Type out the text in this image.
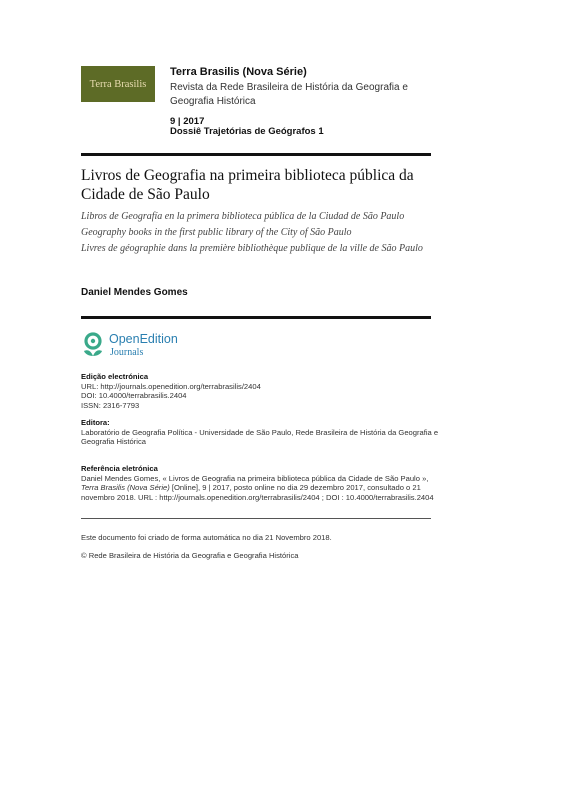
Terra Brasilis
Terra Brasilis (Nova Série)
Revista da Rede Brasileira de História da Geografia e Geografia Histórica
9 | 2017
Dossiê Trajetórias de Geógrafos 1
Livros de Geografia na primeira biblioteca pública da Cidade de São Paulo
Libros de Geografía en la primera biblioteca pública de la Ciudad de São Paulo
Geography books in the first public library of the City of São Paulo
Livres de géographie dans la première bibliothèque publique de la ville de São Paulo
Daniel Mendes Gomes
OpenEdition
Journals
Edição electrónica
URL: http://journals.openedition.org/terrabrasilis/2404
DOI: 10.4000/terrabrasilis.2404
ISSN: 2316-7793
Editora:
Laboratório de Geografia Política - Universidade de São Paulo, Rede Brasileira de História da Geografia e Geografia Histórica
Referência eletrónica
Daniel Mendes Gomes, « Livros de Geografia na primeira biblioteca pública da Cidade de São Paulo », Terra Brasilis (Nova Série) [Online], 9 | 2017, posto online no dia 29 dezembro 2017, consultado o 21 novembro 2018. URL : http://journals.openedition.org/terrabrasilis/2404 ; DOI : 10.4000/terrabrasilis.2404
Este documento foi criado de forma automática no dia 21 Novembro 2018.
© Rede Brasileira de História da Geografia e Geografia Histórica
